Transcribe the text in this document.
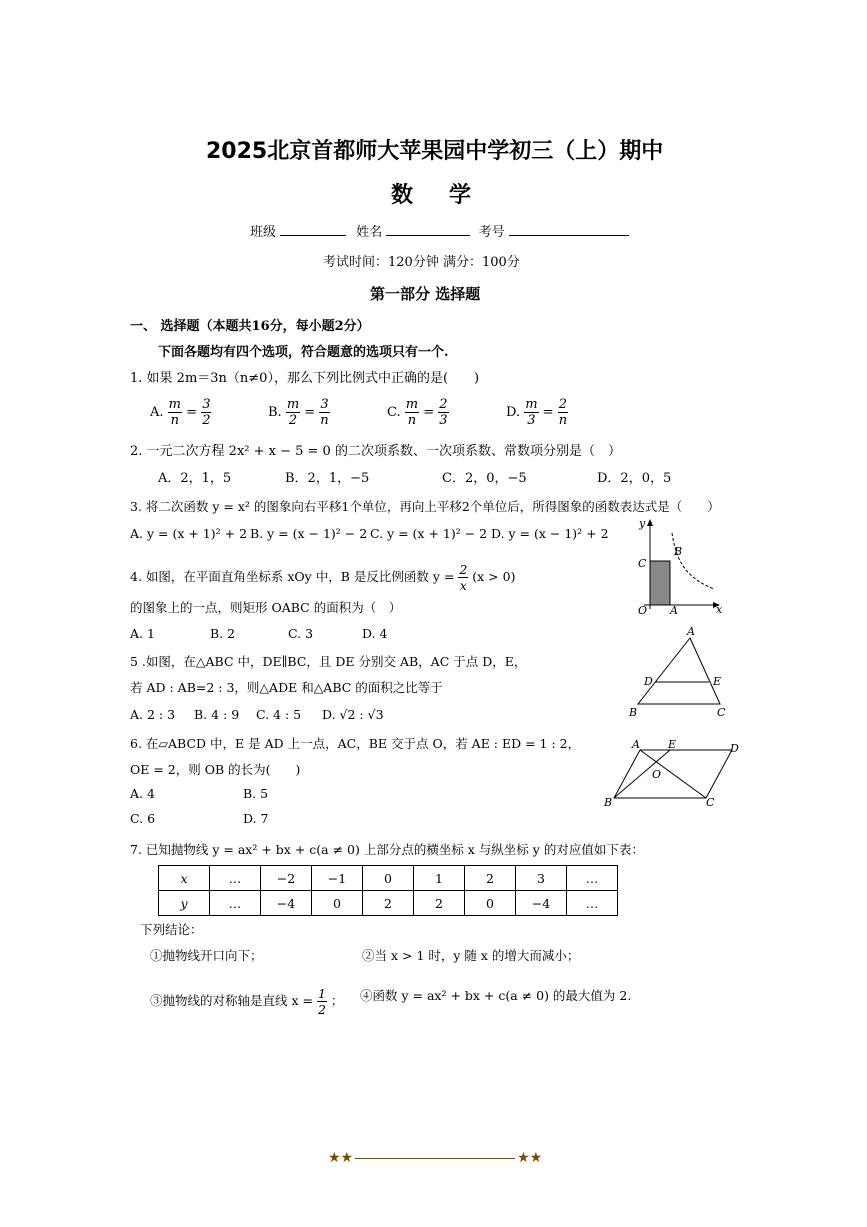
2025北京首都师大苹果园中学初三（上）期中
数学
班级	姓名	考号
考试时间：120分钟 满分：100分
第一部分 选择题
一、 选择题（本题共16分，每小题2分）
下面各题均有四个选项，符合题意的选项只有一个.
1. 如果 2m＝3n（n≠0），那么下列比例式中正确的是(　　)
A. $\frac{m}{n} = \frac{3}{2}$	B. $\frac{m}{2} = \frac{3}{n}$	C. $\frac{m}{n} = \frac{2}{3}$	D. $\frac{m}{3} = \frac{2}{n}$
2. 一元二次方程 2x² + x − 5 = 0 的二次项系数、一次项系数、常数项分别是（　）
A．2，1，5	B．2，1，−5	C．2，0，−5	D．2，0，5
3. 将二次函数 y = x² 的图象向右平移1个单位，再向上平移2个单位后，所得图象的函数表达式是（　　）
A. y = (x + 1)² + 2 B. y = (x − 1)² − 2 C. y = (x + 1)² − 2 D. y = (x − 1)² + 2
4. 如图，在平面直角坐标系 xOy 中，B 是反比例函数 $y = \frac{2}{x} (x > 0)$
的图象上的一点，则矩形 OABC 的面积为（　）
A. 1	B. 2	C. 3	D. 4
y
x
O A
B
C
5 .如图，在△ABC 中，DE∥BC，且 DE 分别交 AB，AC 于点 D，E，
若 AD : AB=2 : 3，则△ADE 和△ABC 的面积之比等于
A. 2 : 3 B. 4 : 9 C. 4 : 5 D. √2 : √3
A
B	C
D	E
6. 在▱ABCD 中，E 是 AD 上一点，AC，BE 交于点 O，若 AE : ED = 1 : 2，
OE = 2，则 OB 的长为(　　)
A. 4	B. 5
C. 6	D. 7
A	E	D
B	C
O
7. 已知抛物线 y = ax² + bx + c(a ≠ 0) 上部分点的横坐标 x 与纵坐标 y 的对应值如下表：
x	…	−2	−1	0	1	2	3	…
y	…	−4	0	2	2	0	−4	…
下列结论：
①抛物线开口向下；	②当 x > 1 时，y 随 x 的增大而减小；
③抛物线的对称轴是直线 $x = \frac{1}{2}$ ； ④函数 y = ax² + bx + c(a ≠ 0) 的最大值为 2.
★★	★★
